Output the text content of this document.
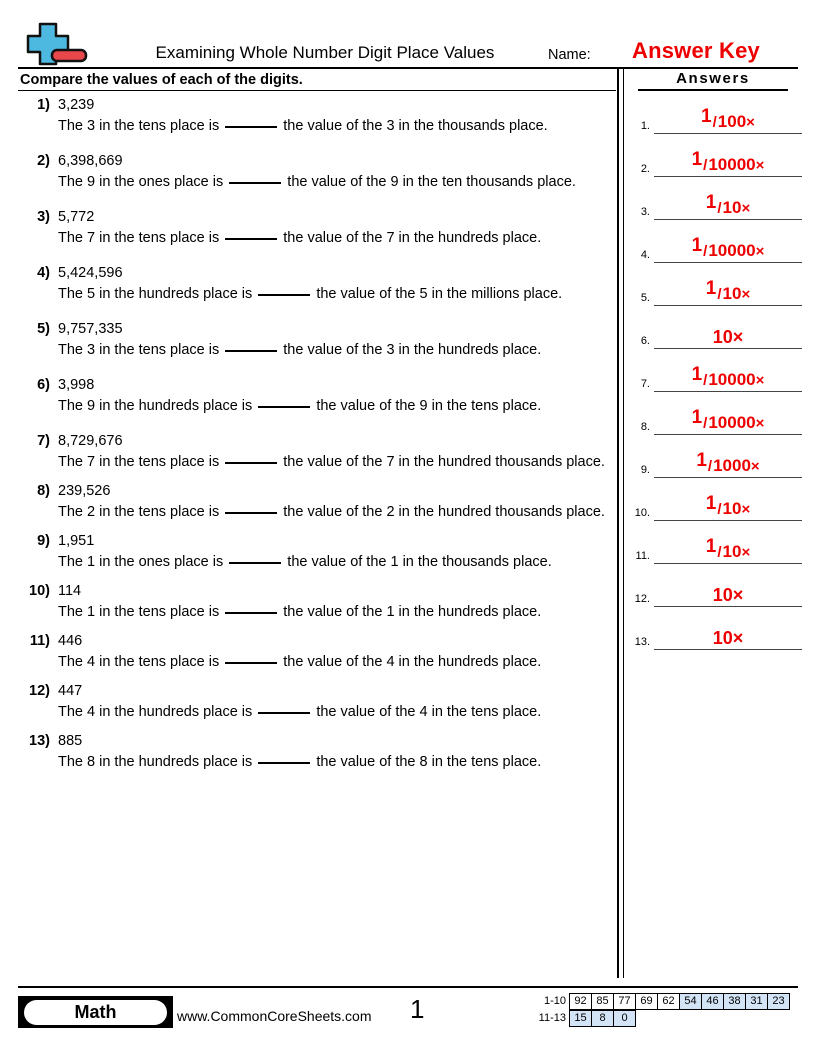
Examining Whole Number Digit Place Values	Name: Answer Key
Compare the values of each of the digits.
1) 3,239
The 3 in the tens place is	the value of the 3 in the thousands place.
2) 6,398,669
The 9 in the ones place is	the value of the 9 in the ten thousands place.
3) 5,772
The 7 in the tens place is	the value of the 7 in the hundreds place.
4) 5,424,596
The 5 in the hundreds place is	the value of the 5 in the millions place.
5) 9,757,335
The 3 in the tens place is	the value of the 3 in the hundreds place.
6) 3,998
The 9 in the hundreds place is	the value of the 9 in the tens place.
7) 8,729,676
The 7 in the tens place is	the value of the 7 in the hundred thousands place.
8) 239,526
The 2 in the tens place is	the value of the 2 in the hundred thousands place.
9) 1,951
The 1 in the ones place is	the value of the 1 in the thousands place.
10) 114
The 1 in the tens place is	the value of the 1 in the hundreds place.
11) 446
The 4 in the tens place is	the value of the 4 in the hundreds place.
12) 447
The 4 in the hundreds place is	the value of the 4 in the tens place.
13) 885
The 8 in the hundreds place is	the value of the 8 in the tens place.
Answers
1.	1/100×
2.	1/10000×
3.	1/10×
4.	1/10000×
5.	1/10×
6.	10×
7.	1/10000×
8.	1/10000×
9.	1/1000×
10.	1/10×
11.	1/10×
12.	10×
13.	10×
Math	www.CommonCoreSheets.com 1	1-10 92 85 77 69 62 54 46 38 31 23
11-13 15	8	0
